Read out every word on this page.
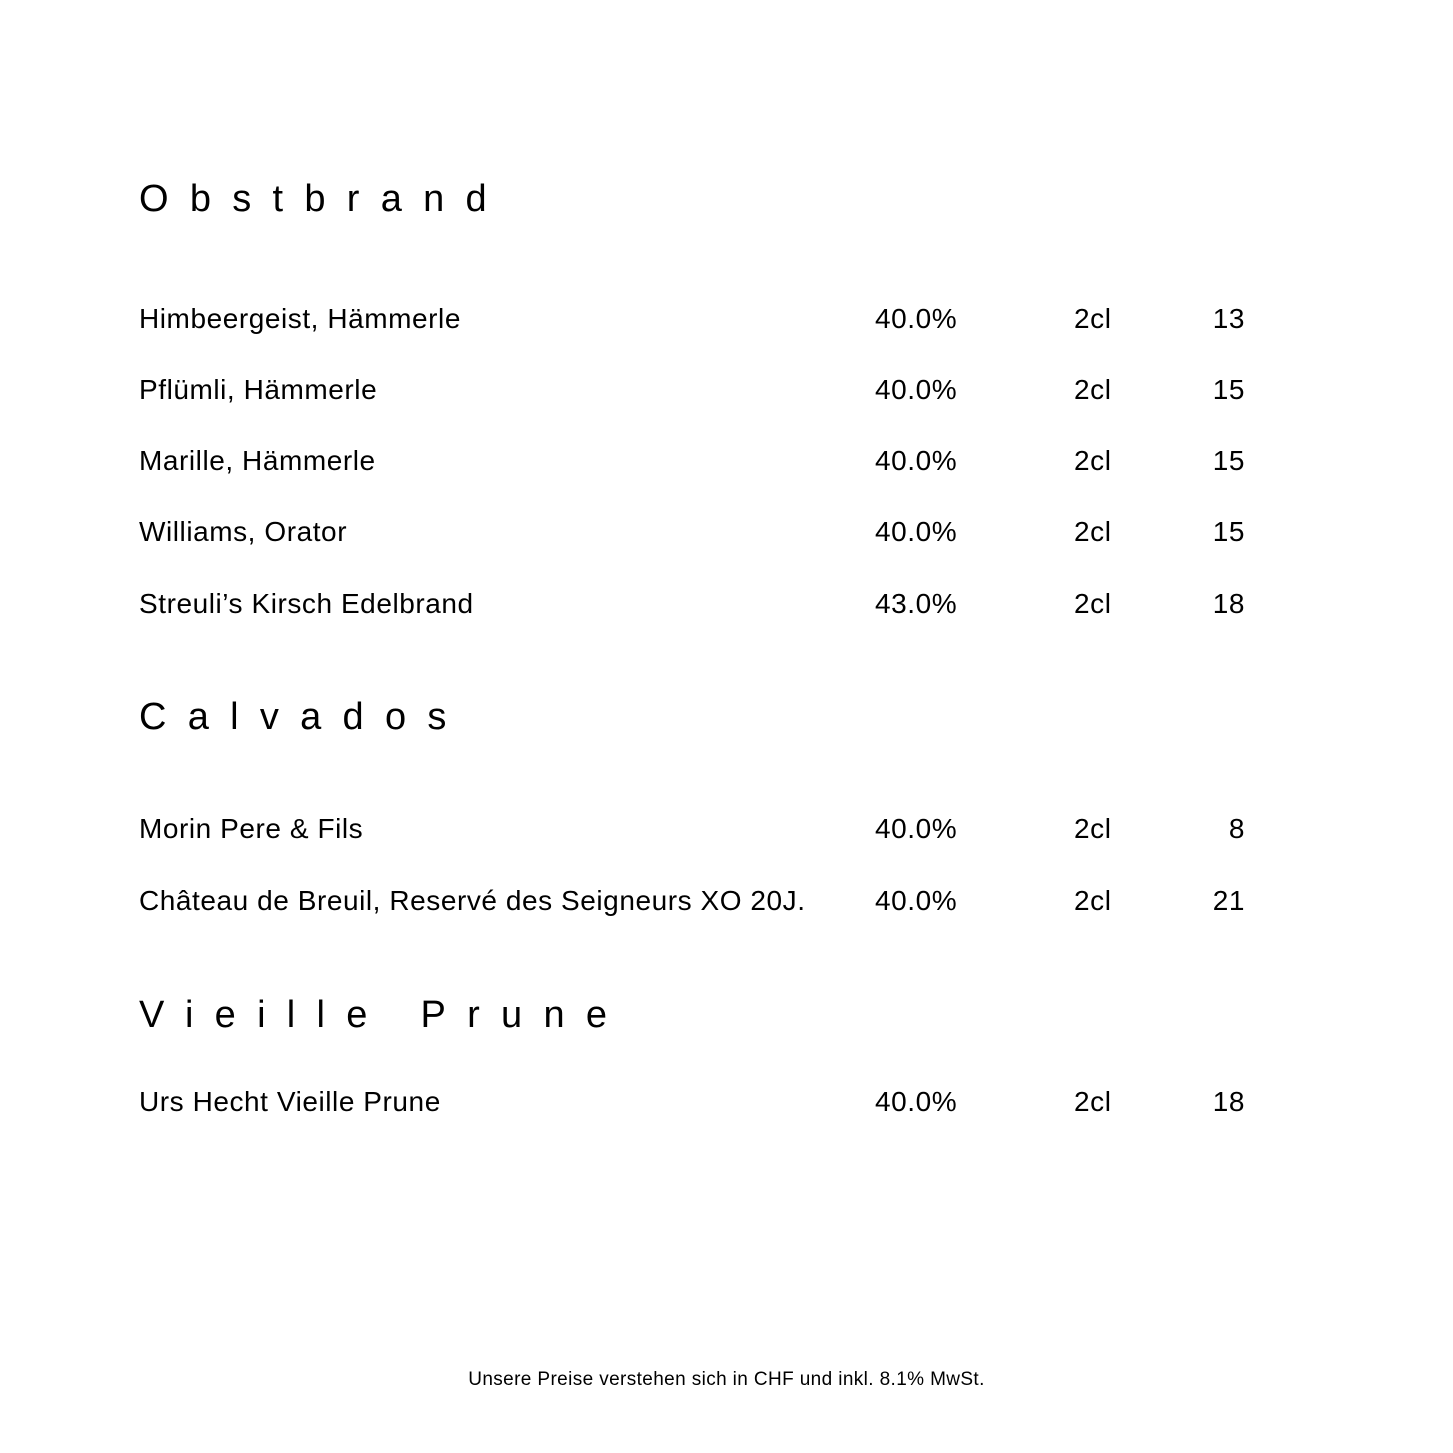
Obstbrand
Himbeergeist, Hämmerle	40.0%	2cl	13
Pflümli, Hämmerle	40.0%	2cl	15
Marille, Hämmerle	40.0%	2cl	15
Williams, Orator	40.0%	2cl	15
Streuli’s Kirsch Edelbrand	43.0%	2cl	18
Calvados
Morin Pere & Fils	40.0%	2cl	8
Château de Breuil, Reservé des Seigneurs XO 20J. 40.0%	2cl	21
Vieille Prune
Urs Hecht Vieille Prune	40.0%	2cl	18
Unsere Preise verstehen sich in CHF und inkl. 8.1% MwSt.
